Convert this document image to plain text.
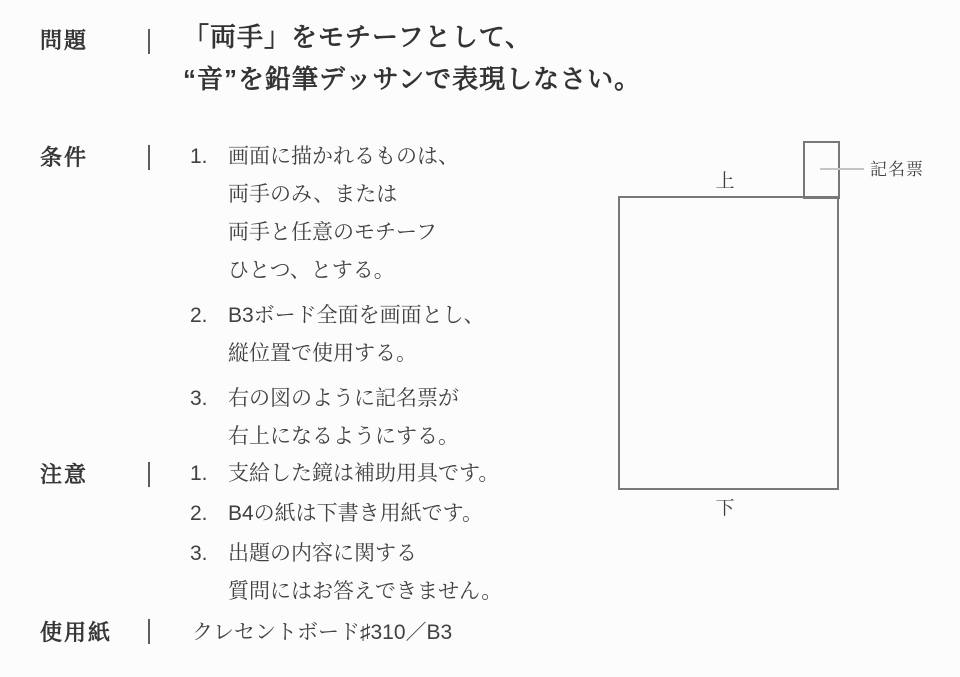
問題	「両手」をモチーフとして、
“音”を鉛筆デッサンで表現しなさい。
条件	1. 画面に描かれるものは、
両手のみ、または
両手と任意のモチーフ
ひとつ、とする。
2. B3ボード全面を画面とし、
縦位置で使用する。
3. 右の図のように記名票が
右上になるようにする。
注意	1. 支給した鏡は補助用具です。
2. B4の紙は下書き用紙です。
3. 出題の内容に関する
質問にはお答えできません。
使用紙	クレセントボード♯310／B3
上
下
記名票
